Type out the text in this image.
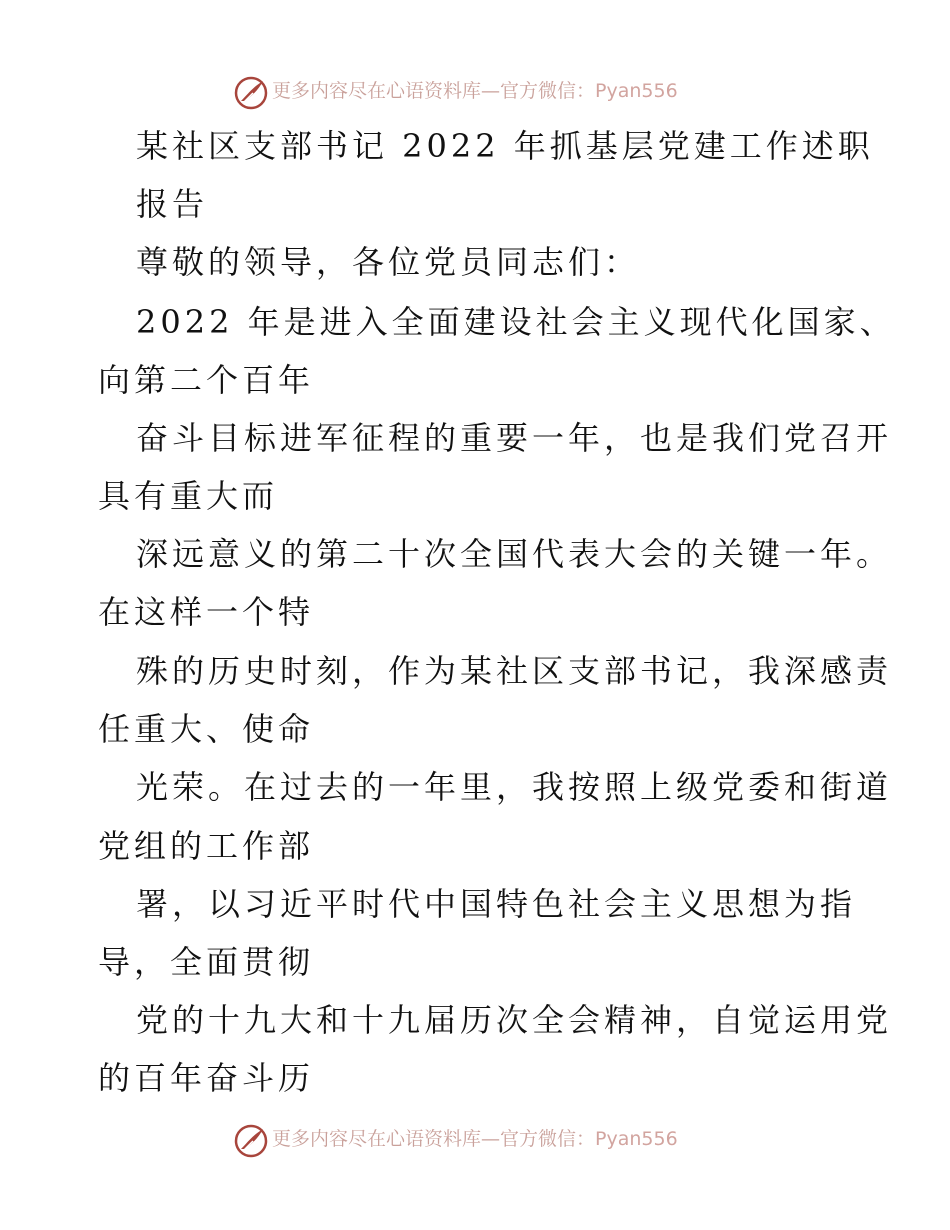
更多内容尽在心语资料库—官方微信：Pyan556
某社区支部书记 2022 年抓基层党建工作述职
报告
尊敬的领导，各位党员同志们：
2022 年是进入全面建设社会主义现代化国家、
向第二个百年
奋斗目标进军征程的重要一年，也是我们党召开
具有重大而
深远意义的第二十次全国代表大会的关键一年。
在这样一个特
殊的历史时刻，作为某社区支部书记，我深感责
任重大、使命
光荣。在过去的一年里，我按照上级党委和街道
党组的工作部
署，以习近平时代中国特色社会主义思想为指
导，全面贯彻
党的十九大和十九届历次全会精神，自觉运用党
的百年奋斗历
更多内容尽在心语资料库—官方微信：Pyan556
